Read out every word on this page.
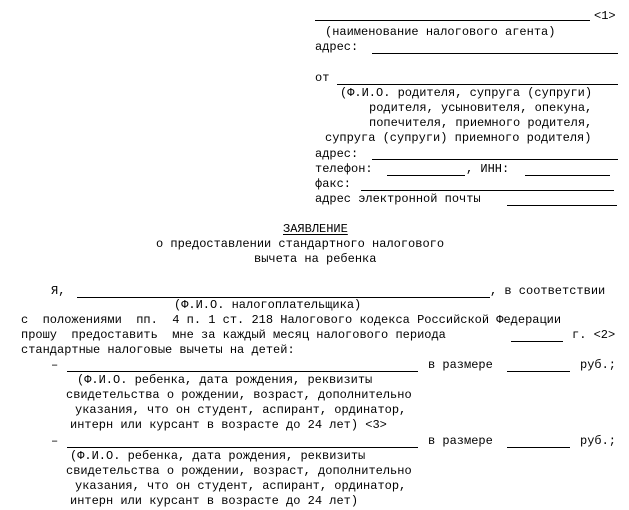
<1>
(наименование налогового агента)
адрес:
от
(Ф.И.О. родителя, супруга (супруги)
родителя, усыновителя, опекуна,
попечителя, приемного родителя,
супруга (супруги) приемного родителя)
адрес:
телефон:	, ИНН:
факс:
адрес электронной почты
ЗАЯВЛЕНИЕ
о предоставлении стандартного налогового
вычета на ребенка
Я,	, в соответствии
(Ф.И.О. налогоплательщика)
с  положениями  пп.  4 п. 1 ст. 218 Налогового кодекса Российской Федерации
прошу  предоставить  мне за каждый месяц налогового периода	г. <2>
стандартные налоговые вычеты на детей:
–	в размере	руб.;
(Ф.И.О. ребенка, дата рождения, реквизиты
свидетельства о рождении, возраст, дополнительно
указания, что он студент, аспирант, ординатор,
интерн или курсант в возрасте до 24 лет) <3>
–	в размере	руб.;
(Ф.И.О. ребенка, дата рождения, реквизиты
свидетельства о рождении, возраст, дополнительно
указания, что он студент, аспирант, ординатор,
интерн или курсант в возрасте до 24 лет)
